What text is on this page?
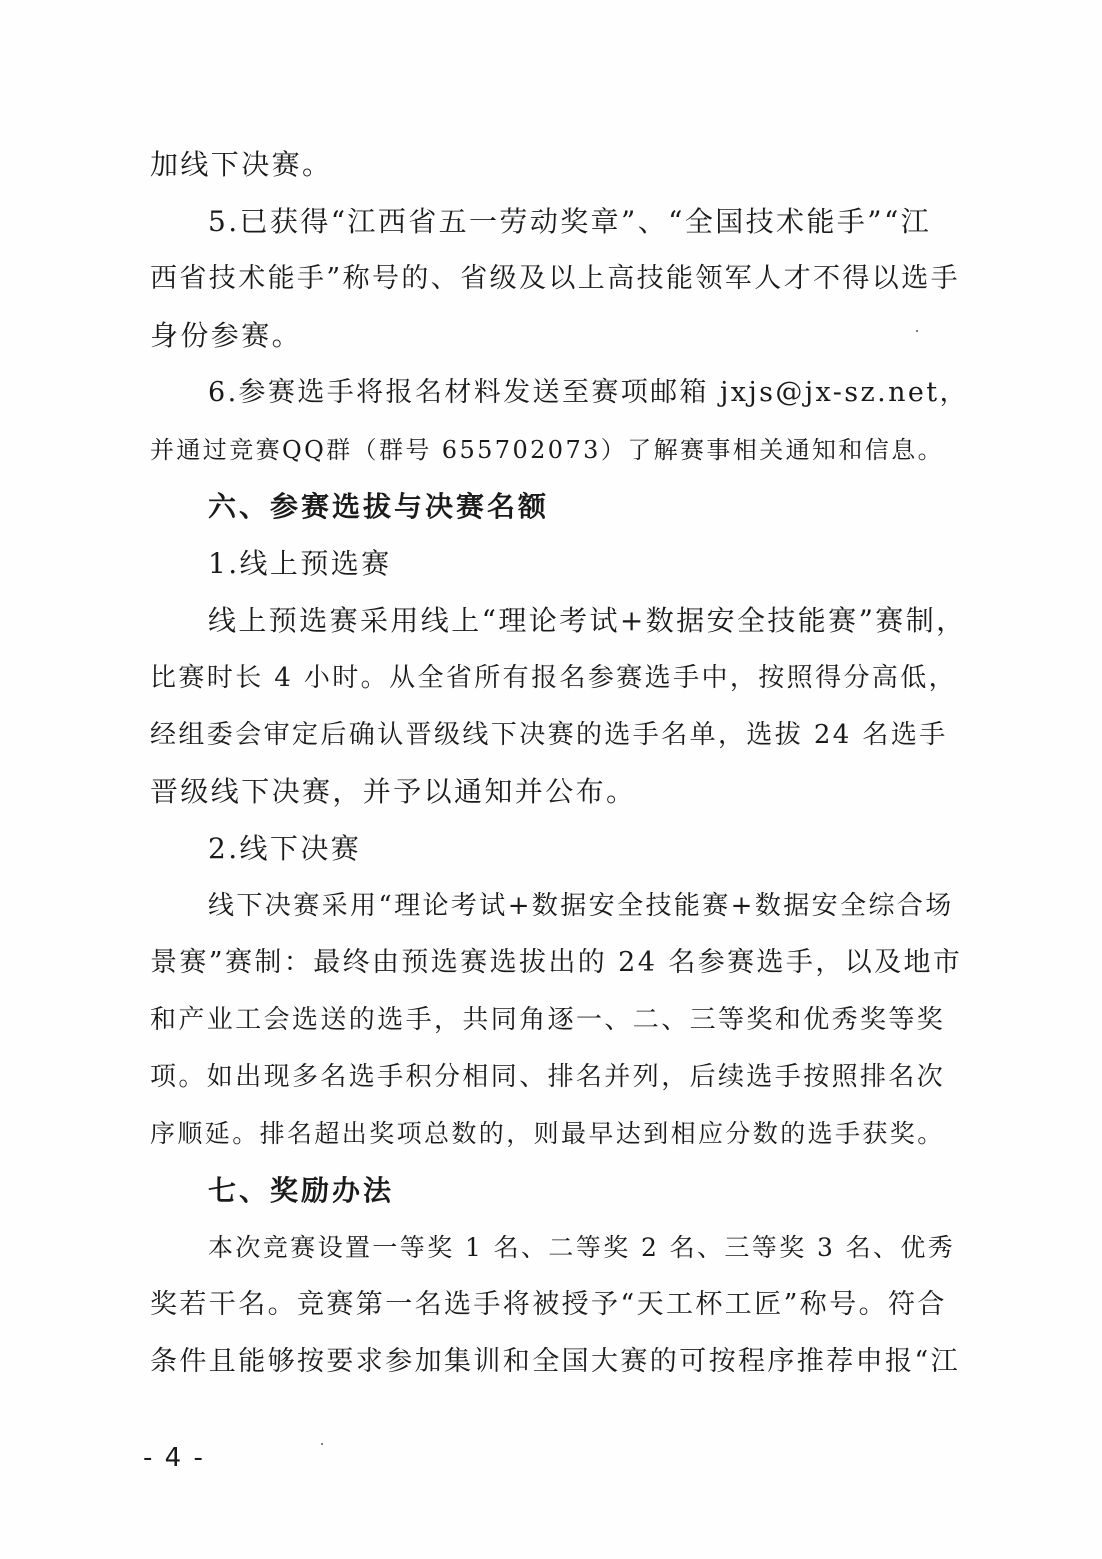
加线下决赛。
5.已获得“江西省五一劳动奖章”、“全国技术能手”“江
西省技术能手”称号的、省级及以上高技能领军人才不得以选手
身份参赛。
6.参赛选手将报名材料发送至赛项邮箱 jxjs@jx-sz.net，
并通过竞赛QQ群（群号 655702073）了解赛事相关通知和信息。
六、参赛选拔与决赛名额
1.线上预选赛
线上预选赛采用线上“理论考试+数据安全技能赛”赛制，
比赛时长 4 小时。从全省所有报名参赛选手中，按照得分高低，
经组委会审定后确认晋级线下决赛的选手名单，选拔 24 名选手
晋级线下决赛，并予以通知并公布。
2.线下决赛
线下决赛采用“理论考试+数据安全技能赛+数据安全综合场
景赛”赛制：最终由预选赛选拔出的 24 名参赛选手，以及地市
和产业工会选送的选手，共同角逐一、二、三等奖和优秀奖等奖
项。如出现多名选手积分相同、排名并列，后续选手按照排名次
序顺延。排名超出奖项总数的，则最早达到相应分数的选手获奖。
七、奖励办法
本次竞赛设置一等奖 1 名、二等奖 2 名、三等奖 3 名、优秀
奖若干名。竞赛第一名选手将被授予“天工杯工匠”称号。符合
条件且能够按要求参加集训和全国大赛的可按程序推荐申报“江
- 4 -
